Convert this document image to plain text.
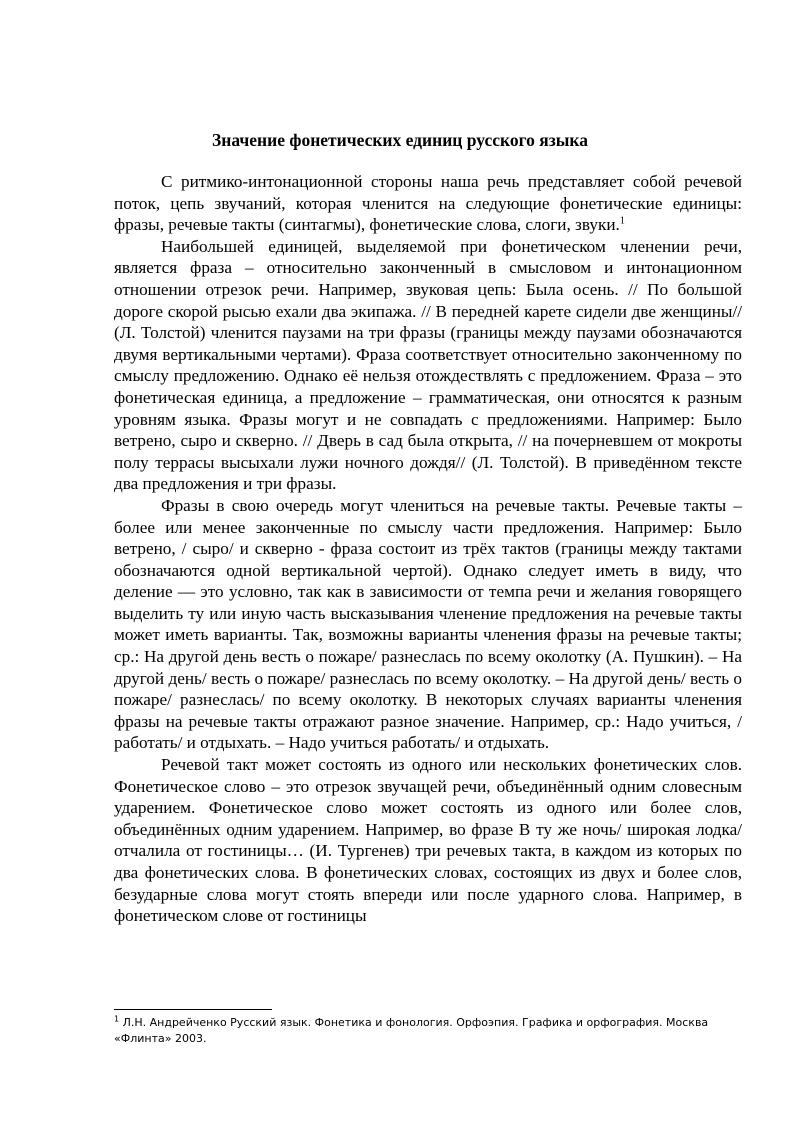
Значение фонетических единиц русского языка

С ритмико-интонационной стороны наша речь представляет собой речевой поток, цепь звучаний, которая членится на следующие фонетические единицы: фразы, речевые такты (синтагмы), фонетические слова, слоги, звуки.$^1$

Наибольшей единицей, выделяемой при фонетическом членении речи, является фраза – относительно законченный в смысловом и интонационном отношении отрезок речи. Например, звуковая цепь: Была осень. // По большой дороге скорой рысью ехали два экипажа. // В передней карете сидели две женщины// (Л. Толстой) членится паузами на три фразы (границы между паузами обозначаются двумя вертикальными чертами). Фраза соответствует относительно законченному по смыслу предложению. Однако её нельзя отождествлять с предложением. Фраза – это фонетическая единица, а предложение – грамматическая, они относятся к разным уровням языка. Фразы могут и не совпадать с предложениями. Например: Было ветрено, сыро и скверно. // Дверь в сад была открыта, // на почерневшем от мокроты полу террасы высыхали лужи ночного дождя// (Л. Толстой). В приведённом тексте два предложения и три фразы.

Фразы в свою очередь могут члениться на речевые такты. Речевые такты – более или менее законченные по смыслу части предложения. Например: Было ветрено, / сыро/ и скверно - фраза состоит из трёх тактов (границы между тактами обозначаются одной вертикальной чертой). Однако следует иметь в виду, что деление — это условно, так как в зависимости от темпа речи и желания говорящего выделить ту или иную часть высказывания членение предложения на речевые такты может иметь варианты. Так, возможны варианты членения фразы на речевые такты; ср.: На другой день весть о пожаре/ разнеслась по всему околотку (А. Пушкин). – На другой день/ весть о пожаре/ разнеслась по всему околотку. – На другой день/ весть о пожаре/ разнеслась/ по всему околотку. В некоторых случаях варианты членения фразы на речевые такты отражают разное значение. Например, ср.: Надо учиться, / работать/ и отдыхать. – Надо учиться работать/ и отдыхать.

Речевой такт может состоять из одного или нескольких фонетических слов. Фонетическое слово – это отрезок звучащей речи, объединённый одним словесным ударением. Фонетическое слово может состоять из одного или более слов, объединённых одним ударением. Например, во фразе В ту же ночь/ широкая лодка/ отчалила от гостиницы… (И. Тургенев) три речевых такта, в каждом из которых по два фонетических слова. В фонетических словах, состоящих из двух и более слов, безударные слова могут стоять впереди или после ударного слова. Например, в фонетическом слове от гостиницы

$^1$ Л.Н. Андрейченко Русский язык. Фонетика и фонология. Орфоэпия. Графика и орфография. Москва «Флинта» 2003.
